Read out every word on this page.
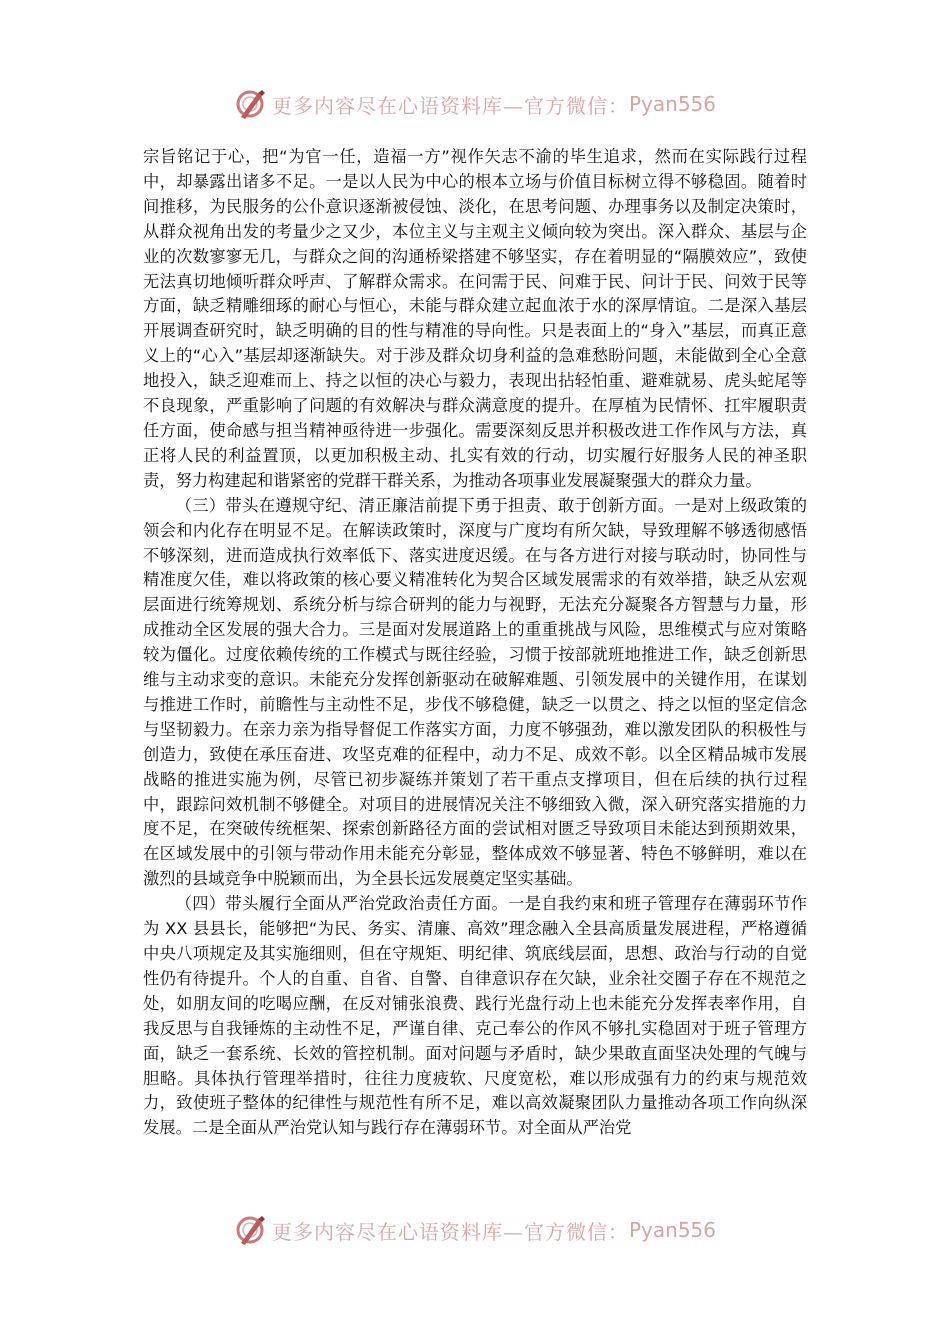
更多内容尽在心语资料库—官方微信： Pyan556

宗旨铭记于心，把“为官一任，造福一方”视作矢志不渝的毕生追求，然而在实际践行过程中，却暴露出诸多不足。一是以人民为中心的根本立场与价值目标树立得不够稳固。随着时间推移，为民服务的公仆意识逐渐被侵蚀、淡化，在思考问题、办理事务以及制定决策时，从群众视角出发的考量少之又少，本位主义与主观主义倾向较为突出。深入群众、基层与企业的次数寥寥无几，与群众之间的沟通桥梁搭建不够坚实，存在着明显的“隔膜效应”，致使无法真切地倾听群众呼声、了解群众需求。在问需于民、问难于民、问计于民、问效于民等方面，缺乏精雕细琢的耐心与恒心，未能与群众建立起血浓于水的深厚情谊。二是深入基层开展调查研究时，缺乏明确的目的性与精准的导向性。只是表面上的“身入”基层，而真正意义上的“心入”基层却逐渐缺失。对于涉及群众切身利益的急难愁盼问题，未能做到全心全意地投入，缺乏迎难而上、持之以恒的决心与毅力，表现出拈轻怕重、避难就易、虎头蛇尾等不良现象，严重影响了问题的有效解决与群众满意度的提升。在厚植为民情怀、扛牢履职责任方面，使命感与担当精神亟待进一步强化。需要深刻反思并积极改进工作作风与方法，真正将人民的利益置顶，以更加积极主动、扎实有效的行动，切实履行好服务人民的神圣职责，努力构建起和谐紧密的党群干群关系，为推动各项事业发展凝聚强大的群众力量。

（三）带头在遵规守纪、清正廉洁前提下勇于担责、敢于创新方面。一是对上级政策的领会和内化存在明显不足。在解读政策时，深度与广度均有所欠缺，导致理解不够透彻感悟不够深刻，进而造成执行效率低下、落实进度迟缓。在与各方进行对接与联动时，协同性与精准度欠佳，难以将政策的核心要义精准转化为契合区域发展需求的有效举措，缺乏从宏观层面进行统筹规划、系统分析与综合研判的能力与视野，无法充分凝聚各方智慧与力量，形成推动全区发展的强大合力。三是面对发展道路上的重重挑战与风险，思维模式与应对策略较为僵化。过度依赖传统的工作模式与既往经验，习惯于按部就班地推进工作，缺乏创新思维与主动求变的意识。未能充分发挥创新驱动在破解难题、引领发展中的关键作用，在谋划与推进工作时，前瞻性与主动性不足，步伐不够稳健，缺乏一以贯之、持之以恒的坚定信念与坚韧毅力。在亲力亲为指导督促工作落实方面，力度不够强劲，难以激发团队的积极性与创造力，致使在承压奋进、攻坚克难的征程中，动力不足、成效不彰。以全区精品城市发展战略的推进实施为例，尽管已初步凝练并策划了若干重点支撑项目，但在后续的执行过程中，跟踪问效机制不够健全。对项目的进展情况关注不够细致入微，深入研究落实措施的力度不足，在突破传统框架、探索创新路径方面的尝试相对匮乏导致项目未能达到预期效果，在区域发展中的引领与带动作用未能充分彰显，整体成效不够显著、特色不够鲜明，难以在激烈的县域竞争中脱颖而出，为全县长远发展奠定坚实基础。

（四）带头履行全面从严治党政治责任方面。一是自我约束和班子管理存在薄弱环节作为 XX 县县长，能够把“为民、务实、清廉、高效”理念融入全县高质量发展进程，严格遵循中央八项规定及其实施细则，但在守规矩、明纪律、筑底线层面，思想、政治与行动的自觉性仍有待提升。个人的自重、自省、自警、自律意识存在欠缺，业余社交圈子存在不规范之处，如朋友间的吃喝应酬，在反对铺张浪费、践行光盘行动上也未能充分发挥表率作用，自我反思与自我锤炼的主动性不足，严谨自律、克己奉公的作风不够扎实稳固对于班子管理方面，缺乏一套系统、长效的管控机制。面对问题与矛盾时，缺少果敢直面坚决处理的气魄与胆略。具体执行管理举措时，往往力度疲软、尺度宽松，难以形成强有力的约束与规范效力，致使班子整体的纪律性与规范性有所不足，难以高效凝聚团队力量推动各项工作向纵深发展。二是全面从严治党认知与践行存在薄弱环节。对全面从严治党

更多内容尽在心语资料库—官方微信： Pyan556
